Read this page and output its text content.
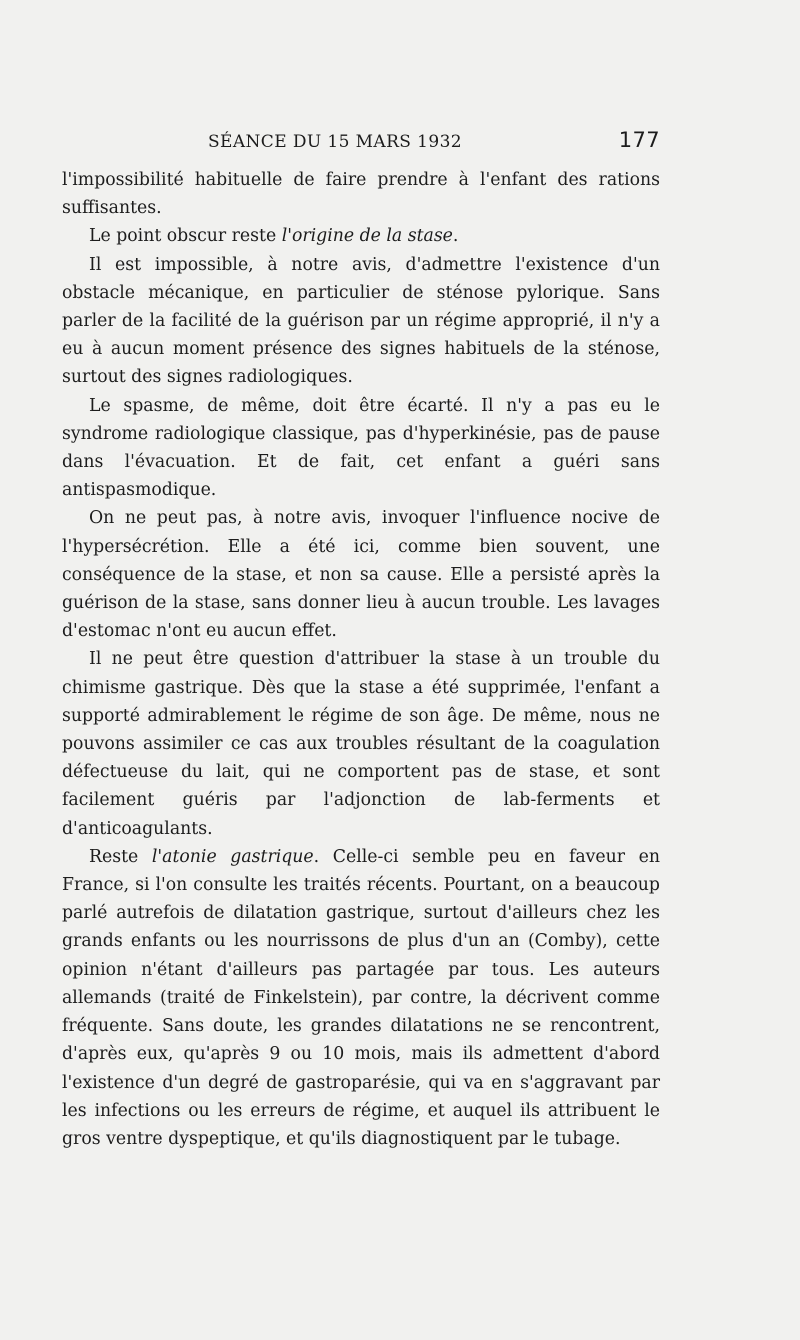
SÉANCE DU 15 MARS 1932	177

l'impossibilité habituelle de faire prendre à l'enfant des rations suffisantes.

Le point obscur reste l'origine de la stase.

Il est impossible, à notre avis, d'admettre l'existence d'un obstacle mécanique, en particulier de sténose pylorique. Sans parler de la facilité de la guérison par un régime approprié, il n'y a eu à aucun moment présence des signes habituels de la sténose, surtout des signes radiologiques.

Le spasme, de même, doit être écarté. Il n'y a pas eu le syndrome radiologique classique, pas d'hyperkinésie, pas de pause dans l'évacuation. Et de fait, cet enfant a guéri sans antispasmodique.

On ne peut pas, à notre avis, invoquer l'influence nocive de l'hypersécrétion. Elle a été ici, comme bien souvent, une conséquence de la stase, et non sa cause. Elle a persisté après la guérison de la stase, sans donner lieu à aucun trouble. Les lavages d'estomac n'ont eu aucun effet.

Il ne peut être question d'attribuer la stase à un trouble du chimisme gastrique. Dès que la stase a été supprimée, l'enfant a supporté admirablement le régime de son âge. De même, nous ne pouvons assimiler ce cas aux troubles résultant de la coagulation défectueuse du lait, qui ne comportent pas de stase, et sont facilement guéris par l'adjonction de lab-ferments et d'anticoagulants.

Reste l'atonie gastrique. Celle-ci semble peu en faveur en France, si l'on consulte les traités récents. Pourtant, on a beaucoup parlé autrefois de dilatation gastrique, surtout d'ailleurs chez les grands enfants ou les nourrissons de plus d'un an (Comby), cette opinion n'étant d'ailleurs pas partagée par tous. Les auteurs allemands (traité de Finkelstein), par contre, la décrivent comme fréquente. Sans doute, les grandes dilatations ne se rencontrent, d'après eux, qu'après 9 ou 10 mois, mais ils admettent d'abord l'existence d'un degré de gastroparésie, qui va en s'aggravant par les infections ou les erreurs de régime, et auquel ils attribuent le gros ventre dyspeptique, et qu'ils diagnostiquent par le tubage.
